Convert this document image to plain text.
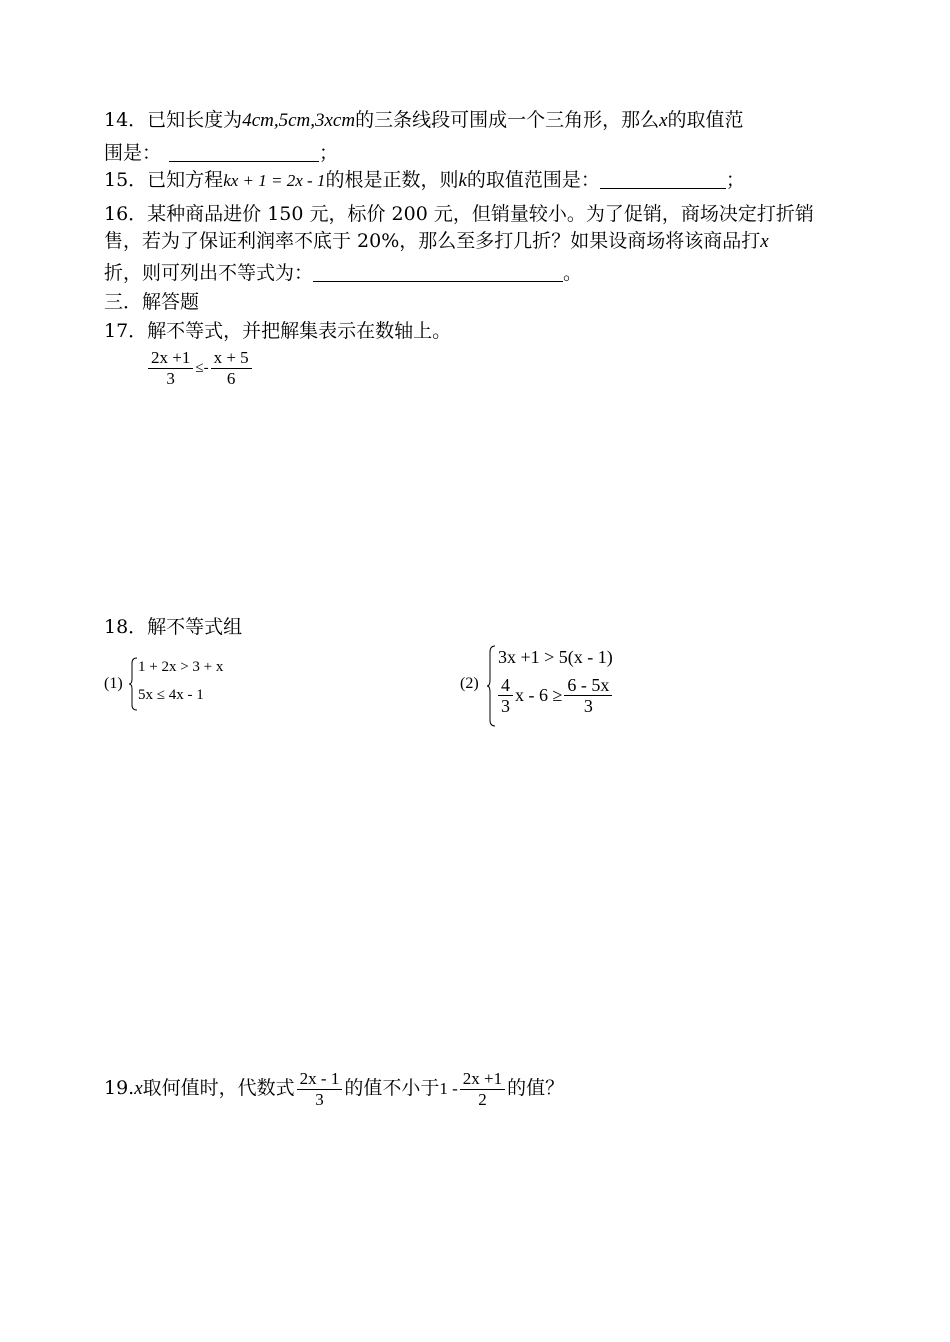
14．已知长度为4cm,5cm,3xcm的三条线段可围成一个三角形，那么x的取值范
围是：	；
15．已知方程kx + 1 = 2x - 1的根是正数，则k的取值范围是：	；
16．某种商品进价 150 元，标价 200 元，但销量较小。为了促销，商场决定打折销
售，若为了保证利润率不底于 20%，那么至多打几折？如果设商场将该商品打x
折，则可列出不等式为：	。
三．解答题
17．解不等式，并把解集表示在数轴上。
$\frac{2x +1}{3} \le- \frac{x + 5}{6}$
18．解不等式组
(1)
1 + 2x > 3 + x
5x ≤ 4x - 1
(2)
3x +1 > 5(x - 1)
$\frac{4}{3}$ $x - 6 \ge \frac{6 - 5x}{3}$
19.x取何值时，代数式 $\frac{2x - 1}{3}$ 的值不小于$1 - \frac{2x +1}{2}$ 的值？
